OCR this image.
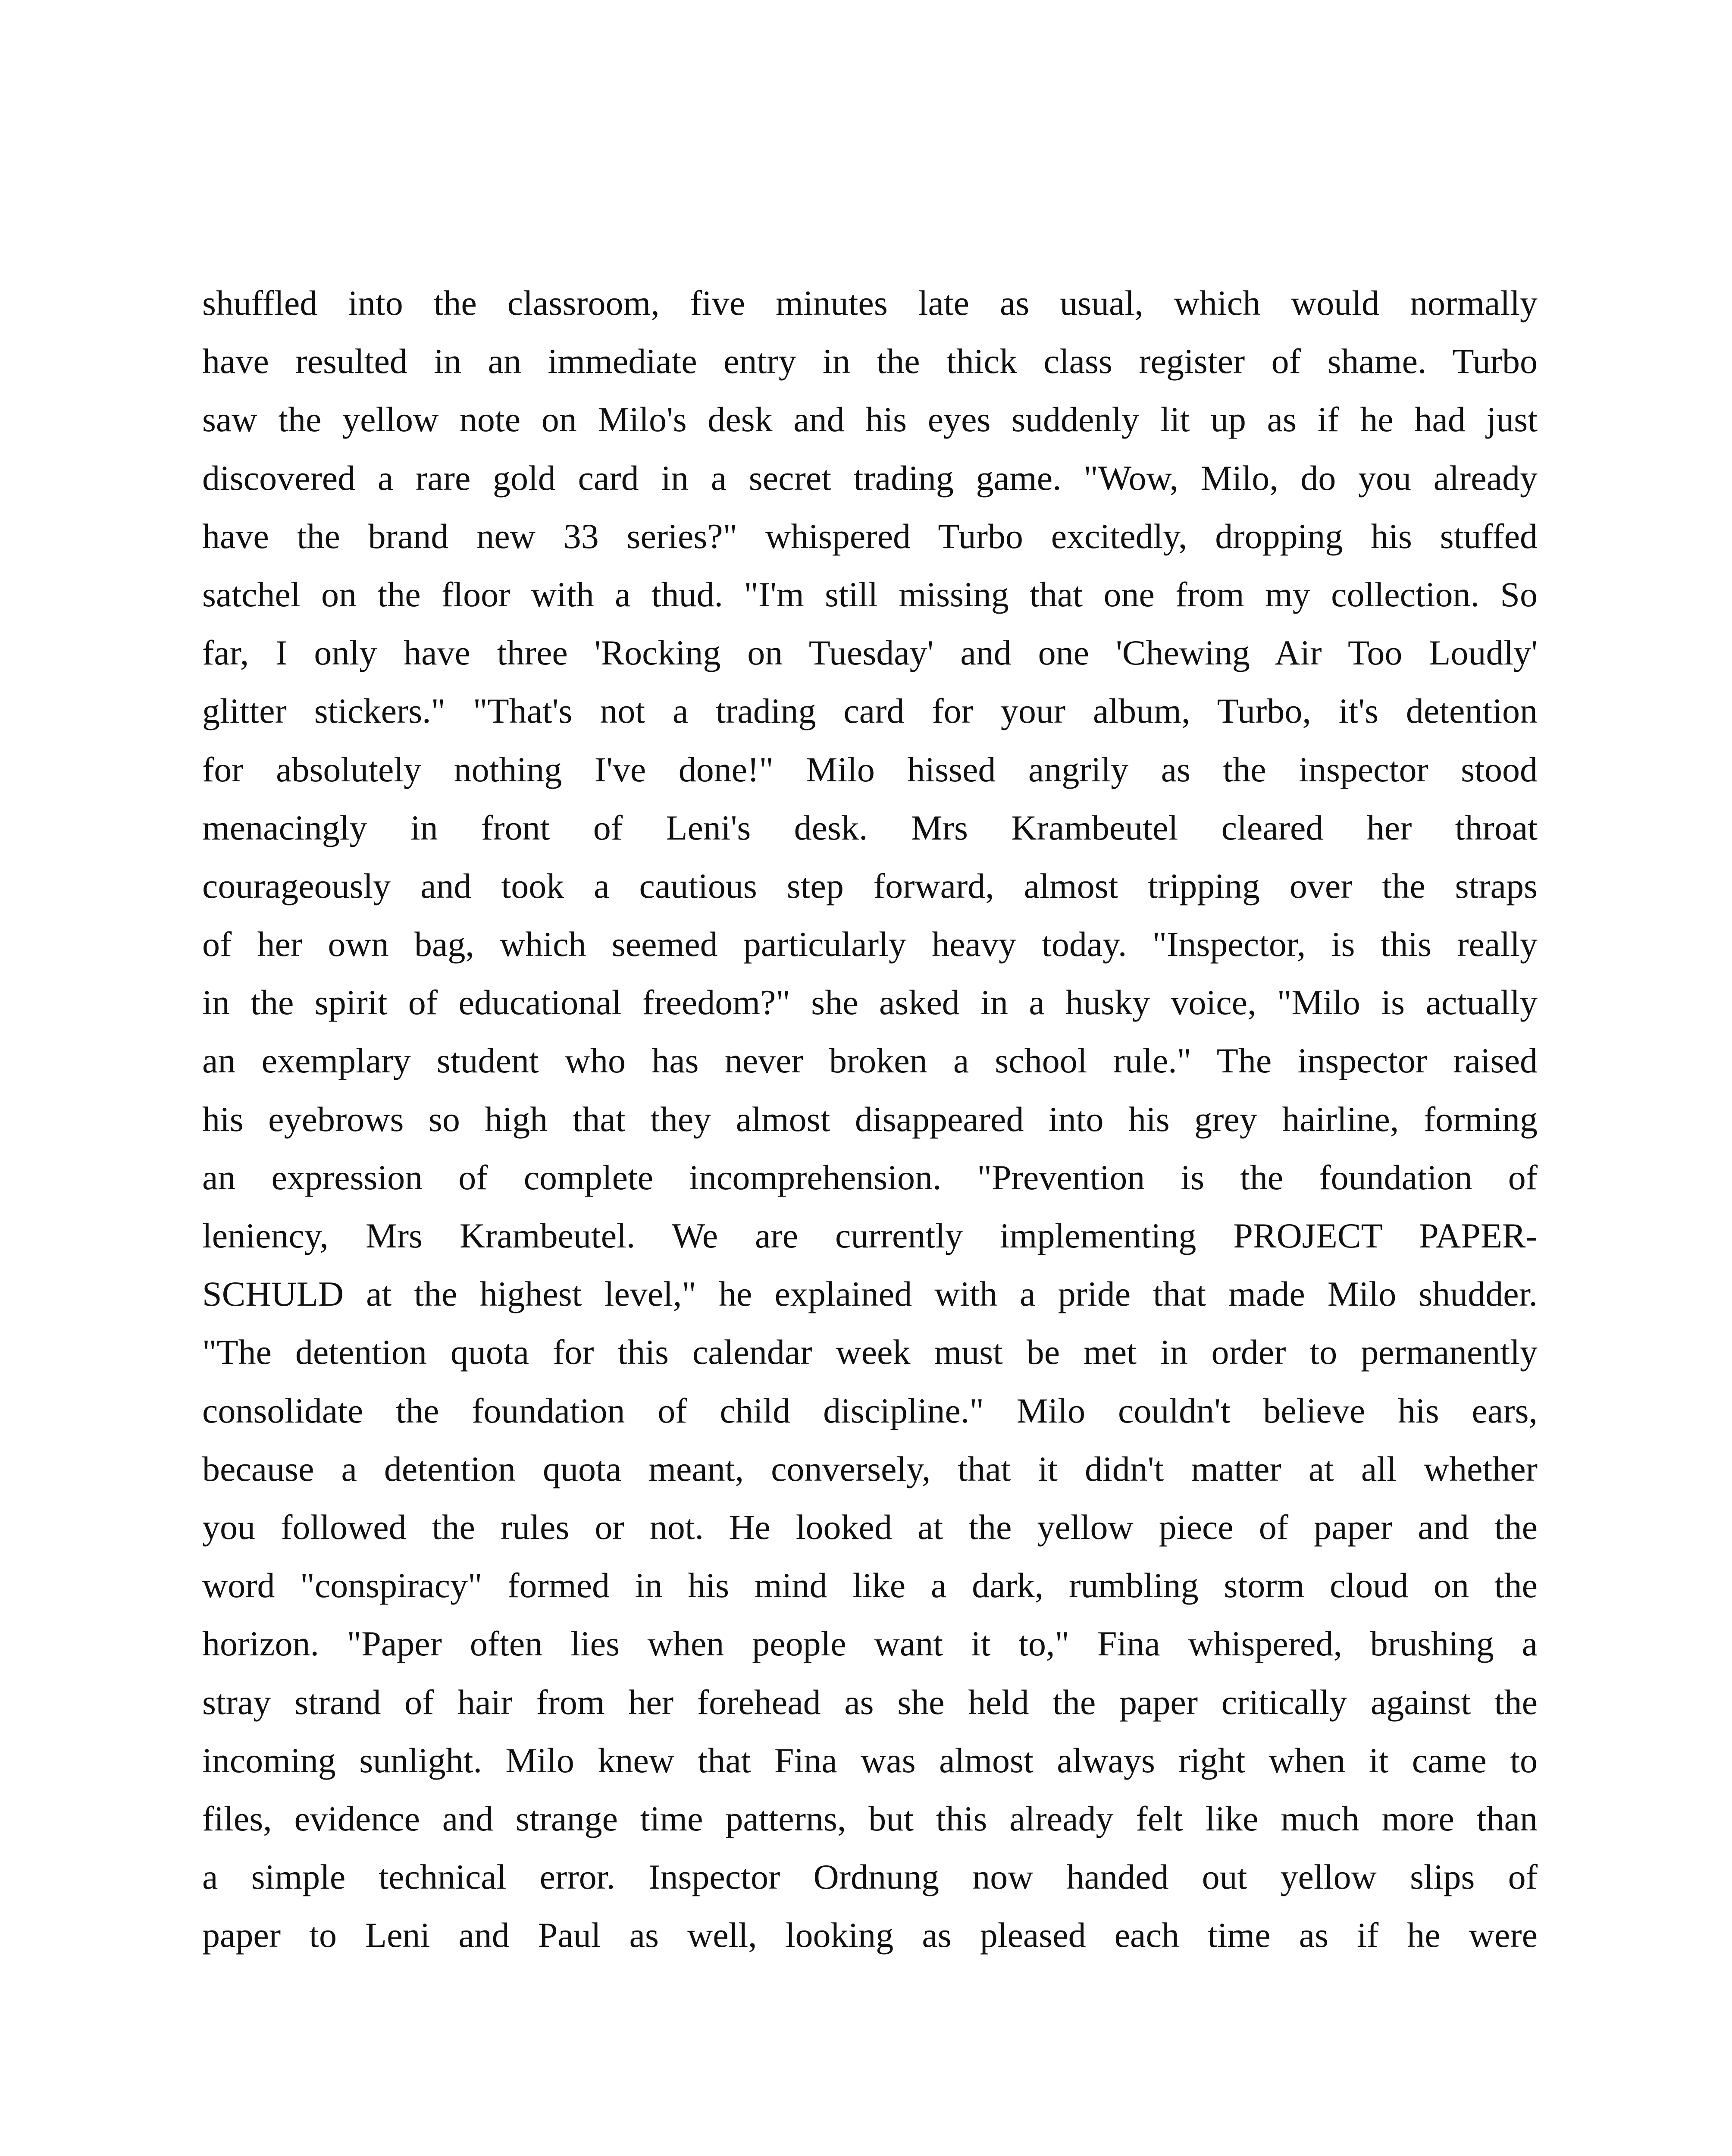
shuffled into the classroom, five minutes late as usual, which would normally
have resulted in an immediate entry in the thick class register of shame. Turbo
saw the yellow note on Milo's desk and his eyes suddenly lit up as if he had just
discovered a rare gold card in a secret trading game. "Wow, Milo, do you already
have the brand new 33 series?" whispered Turbo excitedly, dropping his stuffed
satchel on the floor with a thud. "I'm still missing that one from my collection. So
far, I only have three 'Rocking on Tuesday' and one 'Chewing Air Too Loudly'
glitter stickers." "That's not a trading card for your album, Turbo, it's detention
for absolutely nothing I've done!" Milo hissed angrily as the inspector stood
menacingly in front of Leni's desk. Mrs Krambeutel cleared her throat
courageously and took a cautious step forward, almost tripping over the straps
of her own bag, which seemed particularly heavy today. "Inspector, is this really
in the spirit of educational freedom?" she asked in a husky voice, "Milo is actually
an exemplary student who has never broken a school rule." The inspector raised
his eyebrows so high that they almost disappeared into his grey hairline, forming
an expression of complete incomprehension. "Prevention is the foundation of
leniency, Mrs Krambeutel. We are currently implementing PROJECT PAPER-
SCHULD at the highest level," he explained with a pride that made Milo shudder.
"The detention quota for this calendar week must be met in order to permanently
consolidate the foundation of child discipline." Milo couldn't believe his ears,
because a detention quota meant, conversely, that it didn't matter at all whether
you followed the rules or not. He looked at the yellow piece of paper and the
word "conspiracy" formed in his mind like a dark, rumbling storm cloud on the
horizon. "Paper often lies when people want it to," Fina whispered, brushing a
stray strand of hair from her forehead as she held the paper critically against the
incoming sunlight. Milo knew that Fina was almost always right when it came to
files, evidence and strange time patterns, but this already felt like much more than
a simple technical error. Inspector Ordnung now handed out yellow slips of
paper to Leni and Paul as well, looking as pleased each time as if he were
